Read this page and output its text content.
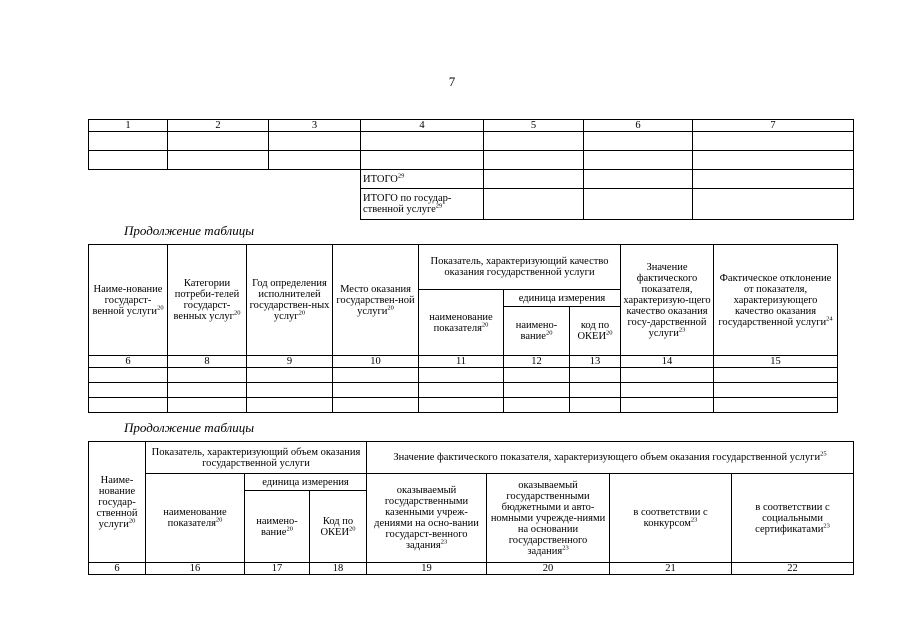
7
1	2	3	4	5	6	7

			ИТОГО$^{29}$			
			ИТОГО по государ-ственной услуге$^{29}$			
Продолжение таблицы
Наиме-нование государст-венной услуги$^{20}$	Категории потреби-телей государст-венных услуг$^{20}$	Год определения исполнителей государствен-ных услуг$^{20}$	Место оказания государствен-ной услуги$^{20}$	Показатель, характеризующий качество оказания государственной услуги			Значение фактического показателя, характеризую-щего качество оказания госу-дарственной услуги$^{23}$	Фактическое отклонение от показателя, характеризующего качество оказания государственной услуги$^{24}$
				наименование показателя$^{20}$	единица измерения			
					наимено-вание$^{20}$	код по ОКЕИ$^{20}$
6	8	9	10	11	12	13	14	15

Продолжение таблицы
Наиме-нование государ-ственной услуги$^{20}$	Показатель, характеризующий объем оказания государственной услуги			Значение фактического показателя, характеризующего объем оказания государственной услуги$^{25}$
	наименование показателя$^{20}$	единица измерения		оказываемый государственными казенными учреж-дениями на осно-вании государст-венного задания$^{23}$	оказываемый государственными бюджетными и авто-номными учрежде-ниями на основании государственного задания$^{23}$	в соответствии с конкурсом$^{23}$	в соответствии с социальными сертификатами$^{23}$
		наимено-вание$^{20}$	Код по ОКЕИ$^{20}$
6	16	17	18	19	20	21	22
